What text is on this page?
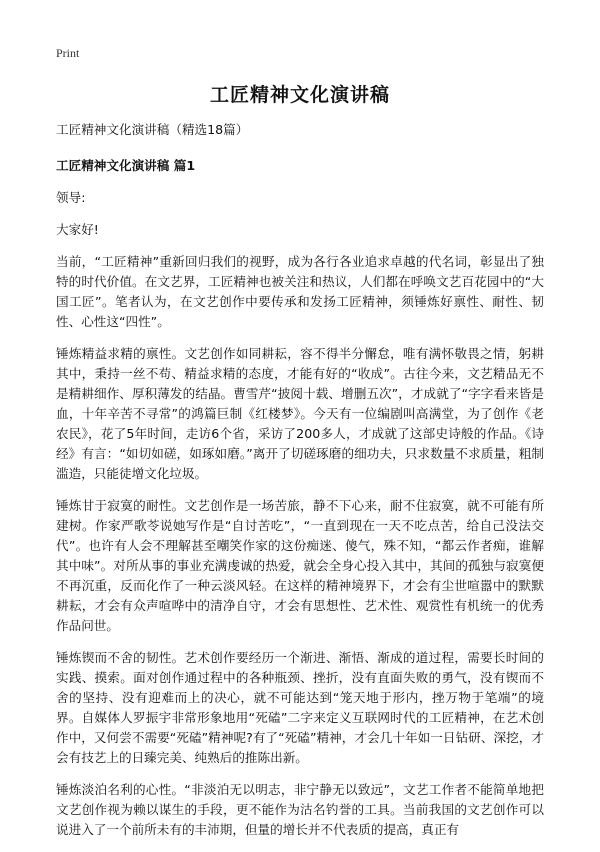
Print
工匠精神文化演讲稿

工匠精神文化演讲稿（精选18篇）

工匠精神文化演讲稿 篇1

领导:

大家好!

当前，“工匠精神”重新回归我们的视野，成为各行各业追求卓越的代名词，彰显出了独特的时代价值。在文艺界，工匠精神也被关注和热议，人们都在呼唤文艺百花园中的“大国工匠”。笔者认为，在文艺创作中要传承和发扬工匠精神，须锤炼好禀性、耐性、韧性、心性这“四性”。

锤炼精益求精的禀性。文艺创作如同耕耘，容不得半分懈怠，唯有满怀敬畏之情，躬耕其中，秉持一丝不苟、精益求精的态度，才能有好的“收成”。古往今来，文艺精品无不是精耕细作、厚积薄发的结晶。曹雪芹“披阅十载、增删五次”，才成就了“字字看来皆是血，十年辛苦不寻常”的鸿篇巨制《红楼梦》。今天有一位编剧叫高满堂，为了创作《老农民》，花了5年时间，走访6个省，采访了200多人，才成就了这部史诗般的作品。《诗经》有言：“如切如磋，如琢如磨。”离开了切磋琢磨的细功夫，只求数量不求质量，粗制滥造，只能徒增文化垃圾。

锤炼甘于寂寞的耐性。文艺创作是一场苦旅，静不下心来，耐不住寂寞，就不可能有所建树。作家严歌苓说她写作是“自讨苦吃”，“一直到现在一天不吃点苦，给自己没法交代”。也许有人会不理解甚至嘲笑作家的这份痴迷、傻气，殊不知，“都云作者痴，谁解其中味”。对所从事的事业充满虔诚的热爱，就会全身心投入其中，其间的孤独与寂寞便不再沉重，反而化作了一种云淡风轻。在这样的精神境界下，才会有尘世喧嚣中的默默耕耘，才会有众声喧哗中的清净自守，才会有思想性、艺术性、观赏性有机统一的优秀作品问世。

锤炼锲而不舍的韧性。艺术创作要经历一个渐进、渐悟、渐成的道过程，需要长时间的实践、摸索。面对创作通过程中的各种瓶颈、挫折，没有直面失败的勇气，没有锲而不舍的坚持、没有迎难而上的决心，就不可能达到“笼天地于形内，挫万物于笔端”的境界。自媒体人罗振宇非常形象地用“死磕”二字来定义互联网时代的工匠精神，在艺术创作中，又何尝不需要“死磕”精神呢?有了“死磕”精神，才会几十年如一日钻研、深挖，才会有技艺上的日臻完美、纯熟后的推陈出新。

锤炼淡泊名利的心性。“非淡泊无以明志，非宁静无以致远”，文艺工作者不能简单地把文艺创作视为赖以谋生的手段，更不能作为沽名钓誉的工具。当前我国的文艺创作可以说进入了一个前所未有的丰沛期，但量的增长并不代表质的提高，真正有
